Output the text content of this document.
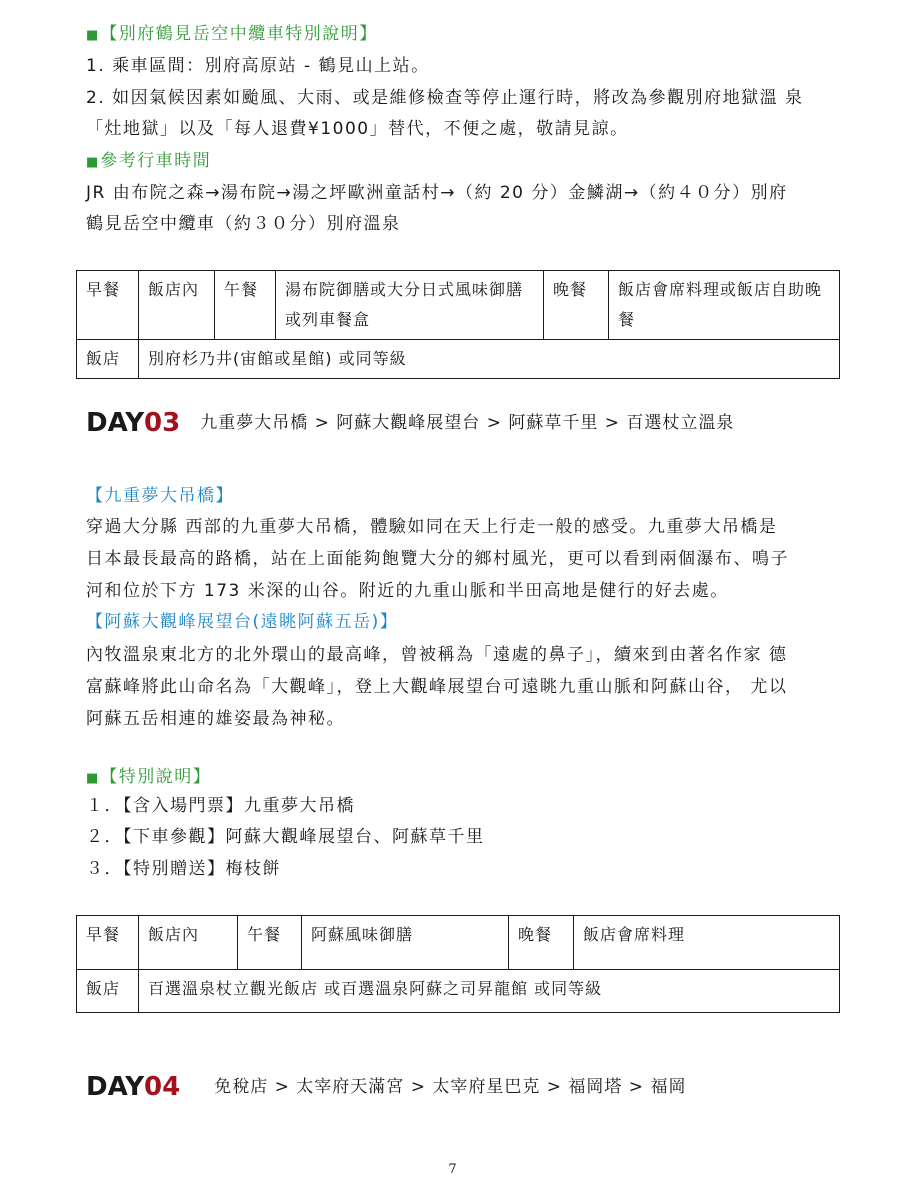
■ 【別府鶴見岳空中纜車特別說明】
1. 乘車區間：別府高原站 - 鶴見山上站。
2. 如因氣候因素如颱風、大雨、或是維修檢查等停止運行時，將改為參觀別府地獄溫 泉
「灶地獄」以及「每人退費¥1000」替代，不便之處，敬請見諒。
■ 參考行車時間
JR 由布院之森→湯布院→湯之坪歐洲童話村→（約 20 分）金鱗湖→（約４０分）別府
鶴見岳空中纜車（約３０分）別府溫泉
早餐	飯店內	午餐	湯布院御膳或大分日式風味御膳或列車餐盒	晚餐	飯店會席料理或飯店自助晚餐
飯店	別府杉乃井(宙館或星館) 或同等級				
DAY03 九重夢大吊橋 > 阿蘇大觀峰展望台 > 阿蘇草千里 > 百選杖立溫泉
【九重夢大吊橋】
穿過大分縣 西部的九重夢大吊橋，體驗如同在天上行走一般的感受。九重夢大吊橋是
日本最長最高的路橋，站在上面能夠飽覽大分的鄉村風光，更可以看到兩個瀑布、鳴子
河和位於下方 173 米深的山谷。附近的九重山脈和半田高地是健行的好去處。
【阿蘇大觀峰展望台(遠眺阿蘇五岳)】
內牧溫泉東北方的北外環山的最高峰，曾被稱為「遠處的鼻子」，續來到由著名作家 德
富蘇峰將此山命名為「大觀峰」，登上大觀峰展望台可遠眺九重山脈和阿蘇山谷， 尤以
阿蘇五岳相連的雄姿最為神秘。
■ 【特別說明】
１．【含入場門票】九重夢大吊橋
２．【下車參觀】阿蘇大觀峰展望台、阿蘇草千里
３．【特別贈送】梅枝餅
早餐	飯店內	午餐	阿蘇風味御膳	晚餐	飯店會席料理
飯店	百選溫泉杖立觀光飯店 或百選溫泉阿蘇之司昇龍館 或同等級				
DAY04 免稅店 > 太宰府天滿宮 > 太宰府星巴克 > 福岡塔 > 福岡
7
